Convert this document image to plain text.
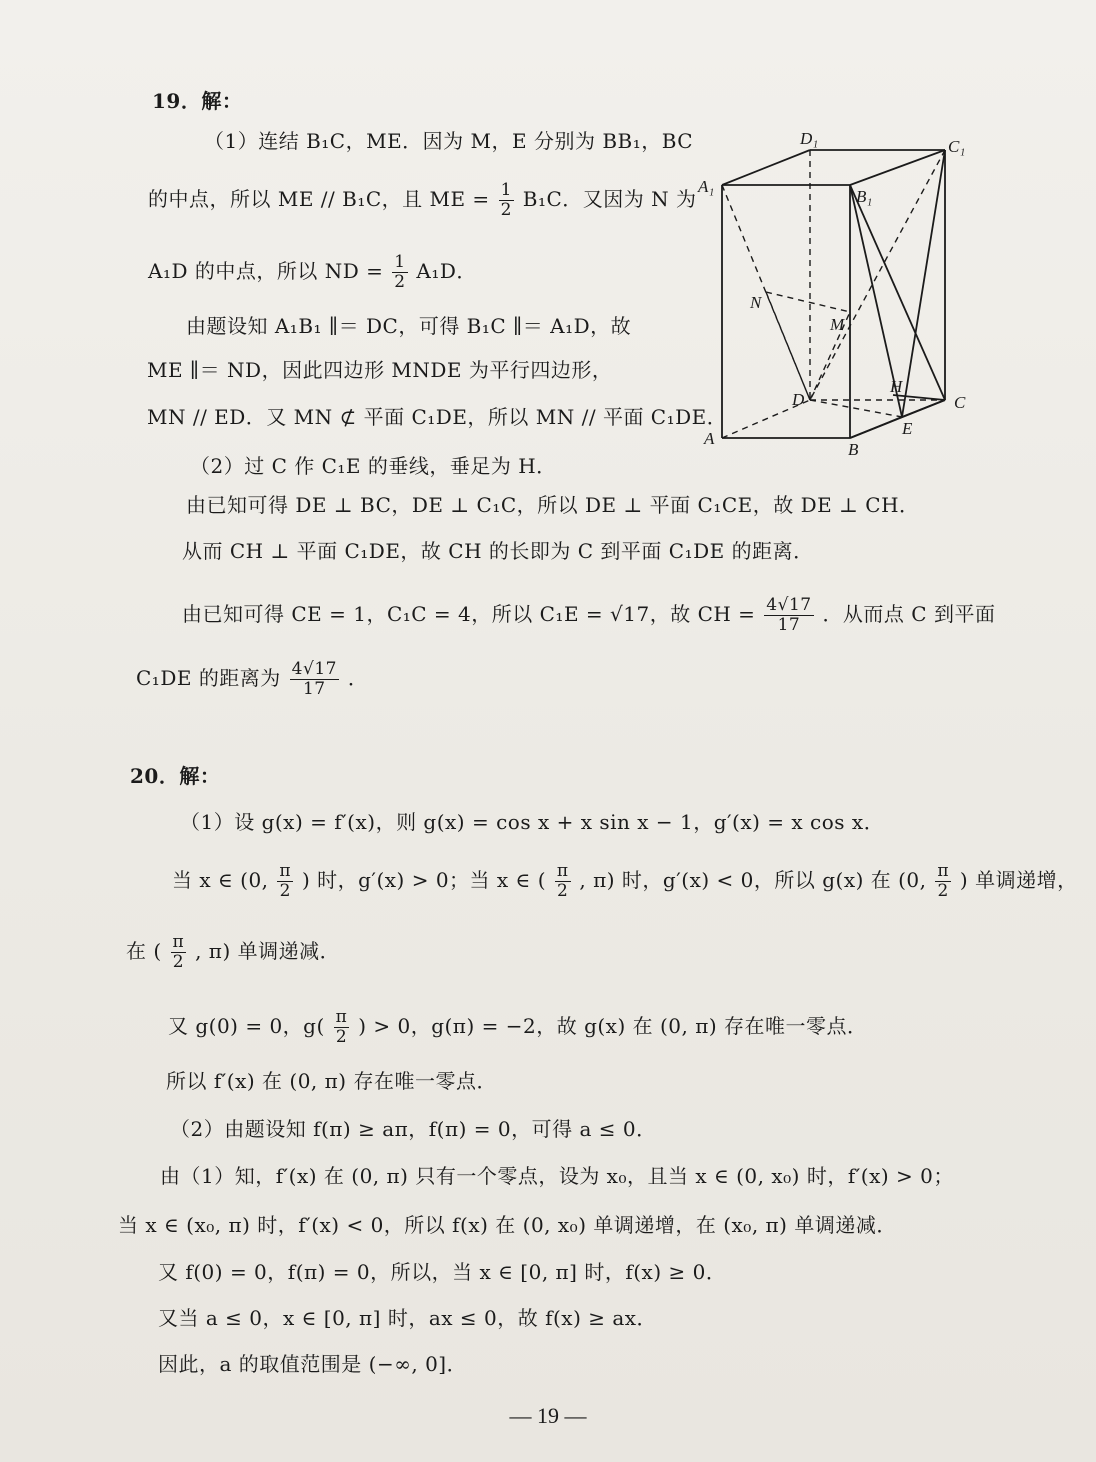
19．解：
（1）连结 B₁C，ME．因为 M，E 分别为 BB₁，BC
的中点，所以 ME // B₁C，且 ME = $\frac{1}{2} B_1C$．又因为 N 为
A₁D 的中点，所以 ND = $\frac{1}{2} A_1D$．
由题设知 A₁B₁ ∥＝ DC，可得 B₁C ∥＝ A₁D，故
ME ∥＝ ND，因此四边形 MNDE 为平行四边形，
MN // ED．又 MN ⊄ 平面 C₁DE，所以 MN // 平面 C₁DE．
（2）过 C 作 C₁E 的垂线，垂足为 H．
由已知可得 DE ⊥ BC，DE ⊥ C₁C，所以 DE ⊥ 平面 C₁CE，故 DE ⊥ CH．
从而 CH ⊥ 平面 C₁DE，故 CH 的长即为 C 到平面 C₁DE 的距离．
由已知可得 CE = 1，C₁C = 4，所以 C₁E = √17，故 CH = $\frac{4√17}{17}$ ．从而点 C 到平面
C₁DE 的距离为 $\frac{4√17}{17}$ ．
D₁	C₁
A₁
B₁
N
M
H
D	C
E
A
B
20．解：
（1）设 g(x) = f′(x)，则 g(x) = cos x + x sin x − 1，g′(x) = x cos x．
当 x ∈ (0, $\frac{\pi}{2}$ ) 时，g′(x) > 0；当 x ∈ ( $\frac{\pi}{2}$ , π) 时，g′(x) < 0，所以 g(x) 在 (0, $\frac{\pi}{2}$ ) 单调递增，
在 ( $\frac{\pi}{2}$ , π) 单调递减．
又 g(0) = 0，$g( \frac{\pi}{2}$ ) > 0，g(π) = −2，故 g(x) 在 (0, π) 存在唯一零点．
所以 f′(x) 在 (0, π) 存在唯一零点．
（2）由题设知 f(π) ≥ aπ，f(π) = 0，可得 a ≤ 0．
由（1）知，f′(x) 在 (0, π) 只有一个零点，设为 x₀，且当 x ∈ (0, x₀) 时，f′(x) > 0；
当 x ∈ (x₀, π) 时，f′(x) < 0，所以 f(x) 在 (0, x₀) 单调递增，在 (x₀, π) 单调递减．
又 f(0) = 0，f(π) = 0，所以，当 x ∈ [0, π] 时，f(x) ≥ 0．
又当 a ≤ 0，x ∈ [0, π] 时，ax ≤ 0，故 f(x) ≥ ax．
因此，a 的取值范围是 (−∞, 0]．
— 19 —
